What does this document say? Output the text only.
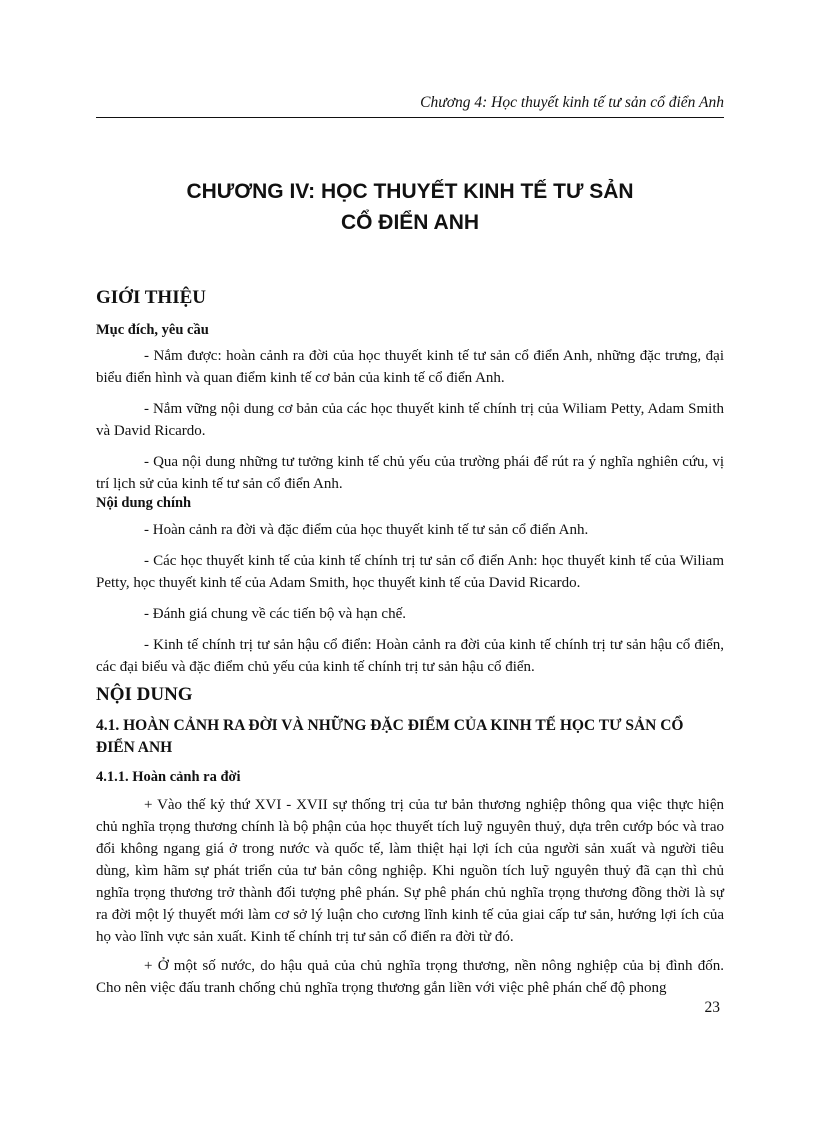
Chương 4: Học thuyết kinh tế tư sản cổ điển Anh
CHƯƠNG IV: HỌC THUYẾT KINH TẾ TƯ SẢN
CỔ ĐIỂN ANH
GIỚI THIỆU
Mục đích, yêu cầu

- Nắm được: hoàn cảnh ra đời của học thuyết kinh tế tư sản cổ điển Anh, những đặc trưng, đại biểu điển hình và quan điểm kinh tế cơ bản của kinh tế cổ điển Anh.

- Nắm vững nội dung cơ bản của các học thuyết kinh tế chính trị của Wiliam Petty, Adam Smith và David Ricardo.

- Qua nội dung những tư tưởng kinh tế chủ yếu của trường phái để rút ra ý nghĩa nghiên cứu, vị trí lịch sử của kinh tế tư sản cổ điển Anh.

Nội dung chính

- Hoàn cảnh ra đời và đặc điểm của học thuyết kinh tế tư sản cổ điển Anh.

- Các học thuyết kinh tế của kinh tế chính trị tư sản cổ điển Anh: học thuyết kinh tế của Wiliam Petty, học thuyết kinh tế của Adam Smith, học thuyết kinh tế của David Ricardo.

- Đánh giá chung về các tiến bộ và hạn chế.

- Kinh tế chính trị tư sản hậu cổ điển: Hoàn cảnh ra đời của kinh tế chính trị tư sản hậu cổ điển, các đại biểu và đặc điểm chủ yếu của kinh tế chính trị tư sản hậu cổ điển.

NỘI DUNG
4.1. HOÀN CẢNH RA ĐỜI VÀ NHỮNG ĐẶC ĐIỂM CỦA KINH TẾ HỌC TƯ SẢN CỔ ĐIỂN ANH
4.1.1. Hoàn cảnh ra đời

+ Vào thế kỷ thứ XVI - XVII sự thống trị của tư bản thương nghiệp thông qua việc thực hiện chủ nghĩa trọng thương chính là bộ phận của học thuyết tích luỹ nguyên thuỷ, dựa trên cướp bóc và trao đổi không ngang giá ở trong nước và quốc tế, làm thiệt hại lợi ích của người sản xuất và người tiêu dùng, kìm hãm sự phát triển của tư bản công nghiệp. Khi nguồn tích luỹ nguyên thuỷ đã cạn thì chủ nghĩa trọng thương trở thành đối tượng phê phán. Sự phê phán chủ nghĩa trọng thương đồng thời là sự ra đời một lý thuyết mới làm cơ sở lý luận cho cương lĩnh kinh tế của giai cấp tư sản, hướng lợi ích của họ vào lĩnh vực sản xuất. Kinh tế chính trị tư sản cổ điển ra đời từ đó.

+ Ở một số nước, do hậu quả của chủ nghĩa trọng thương, nền nông nghiệp của bị đình đốn. Cho nên việc đấu tranh chống chủ nghĩa trọng thương gắn liền với việc phê phán chế độ phong

23
